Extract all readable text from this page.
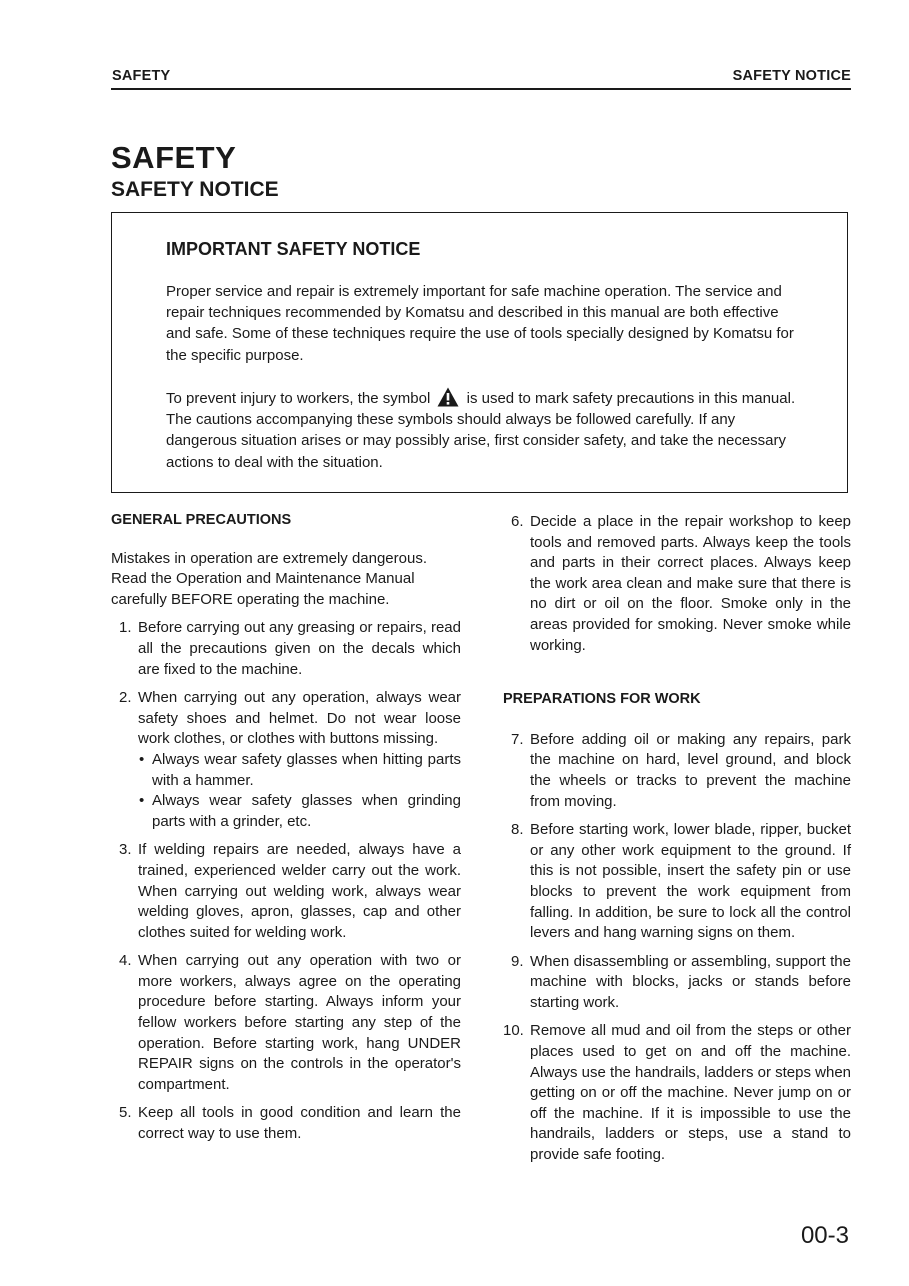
SAFETY	SAFETY NOTICE
SAFETY
SAFETY NOTICE
IMPORTANT SAFETY NOTICE

Proper service and repair is extremely important for safe machine operation. The service and repair techniques recommended by Komatsu and described in this manual are both effective and safe. Some of these techniques require the use of tools specially designed by Komatsu for the specific purpose.

To prevent injury to workers, the symbol is used to mark safety precautions in this manual. The cautions accompanying these symbols should always be followed carefully. If any dangerous situation arises or may possibly arise, first consider safety, and take the necessary actions to deal with the situation.

GENERAL PRECAUTIONS

Mistakes in operation are extremely dangerous. Read the Operation and Maintenance Manual carefully BEFORE operating the machine.

1. Before carrying out any greasing or repairs, read all the precautions given on the decals which are fixed to the machine.
2. When carrying out any operation, always wear safety shoes and helmet. Do not wear loose work clothes, or clothes with buttons missing.
• Always wear safety glasses when hitting parts with a hammer.
• Always wear safety glasses when grinding parts with a grinder, etc.
3. If welding repairs are needed, always have a trained, experienced welder carry out the work. When carrying out welding work, always wear welding gloves, apron, glasses, cap and other clothes suited for welding work.
4. When carrying out any operation with two or more workers, always agree on the operating procedure before starting. Always inform your fellow workers before starting any step of the operation. Before starting work, hang UNDER REPAIR signs on the controls in the operator's compartment.
5. Keep all tools in good condition and learn the correct way to use them.
6. Decide a place in the repair workshop to keep tools and removed parts. Always keep the tools and parts in their correct places. Always keep the work area clean and make sure that there is no dirt or oil on the floor. Smoke only in the areas provided for smoking. Never smoke while working.
PREPARATIONS FOR WORK
7. Before adding oil or making any repairs, park the machine on hard, level ground, and block the wheels or tracks to prevent the machine from moving.
8. Before starting work, lower blade, ripper, bucket or any other work equipment to the ground. If this is not possible, insert the safety pin or use blocks to prevent the work equipment from falling. In addition, be sure to lock all the control levers and hang warning signs on them.
9. When disassembling or assembling, support the machine with blocks, jacks or stands before starting work.
10. Remove all mud and oil from the steps or other places used to get on and off the machine. Always use the handrails, ladders or steps when getting on or off the machine. Never jump on or off the machine. If it is impossible to use the handrails, ladders or steps, use a stand to provide safe footing.
00-3
